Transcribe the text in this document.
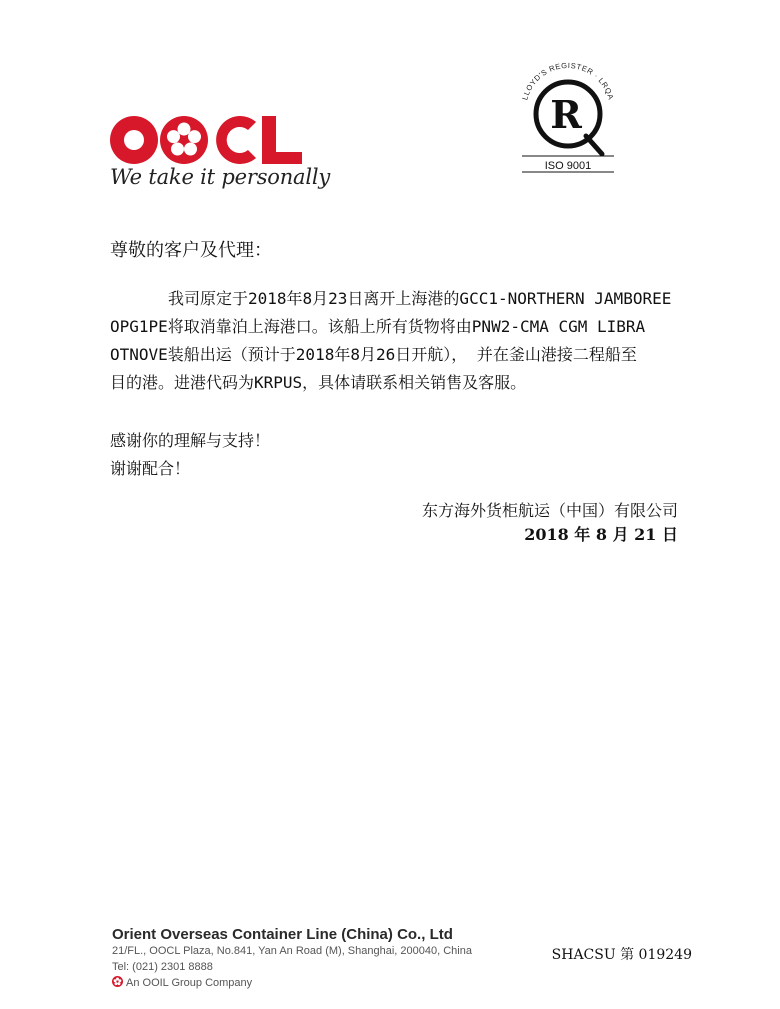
We take it personally
LLOYD'S REGISTER · LRQA
R
ISO 9001
尊敬的客户及代理：
我司原定于2018年8月23日离开上海港的GCC1-NORTHERN JAMBOREE
OPG1PE将取消靠泊上海港口。该船上所有货物将由PNW2-CMA CGM LIBRA
OTNOVE装船出运（预计于2018年8月26日开航）， 并在釜山港接二程船至
目的港。进港代码为KRPUS，具体请联系相关销售及客服。
感谢你的理解与支持！
谢谢配合！
东方海外货柜航运（中国）有限公司
2018 年 8 月 21 日
Orient Overseas Container Line (China) Co., Ltd
21/FL., OOCL Plaza, No.841, Yan An Road (M), Shanghai, 200040, China
Tel: (021) 2301 8888
An OOIL Group Company
SHACSU 第 019249
